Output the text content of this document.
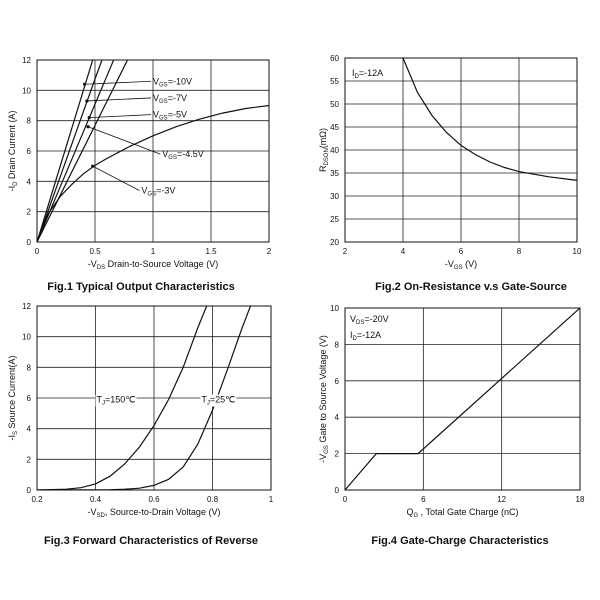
0	0.5	1	1.5	2
0
2
4
6
8
10
12
$V_{GS}=-10V$
$V_{GS}=-7V$
$V_{GS}=-5V$
$V_{GS}=-4.5V$
$V_{GS}=-3V$
$-V_{DS}$ Drain-to-Source Voltage (V)
$-I_D$ Drain Current (A)
Fig.1 Typical Output Characteristics
2	4	6	8	10
20
25
30
35
40
45
50
55
60
$I_D=-12A$
$-V_{GS}$ (V)
$R_{DSON}(m\Omega)$
Fig.2 On-Resistance v.s Gate-Source
0.2	0.4	0.6	0.8	1
0
2
4
6
8
10
12
$T_J=150℃$	$T_J=25℃$
$-V_{SD}$, Source-to-Drain Voltage (V)
$-I_S$ Source Current(A)
Fig.3 Forward Characteristics of Reverse
0	6	12	18
0
2
4
6
8
10
$V_{DS}=-20V$
$I_D=-12A$
$Q_G$ , Total Gate Charge (nC)
$-V_{GS}$ Gate to Source Voltage (V)
Fig.4 Gate-Charge Characteristics
